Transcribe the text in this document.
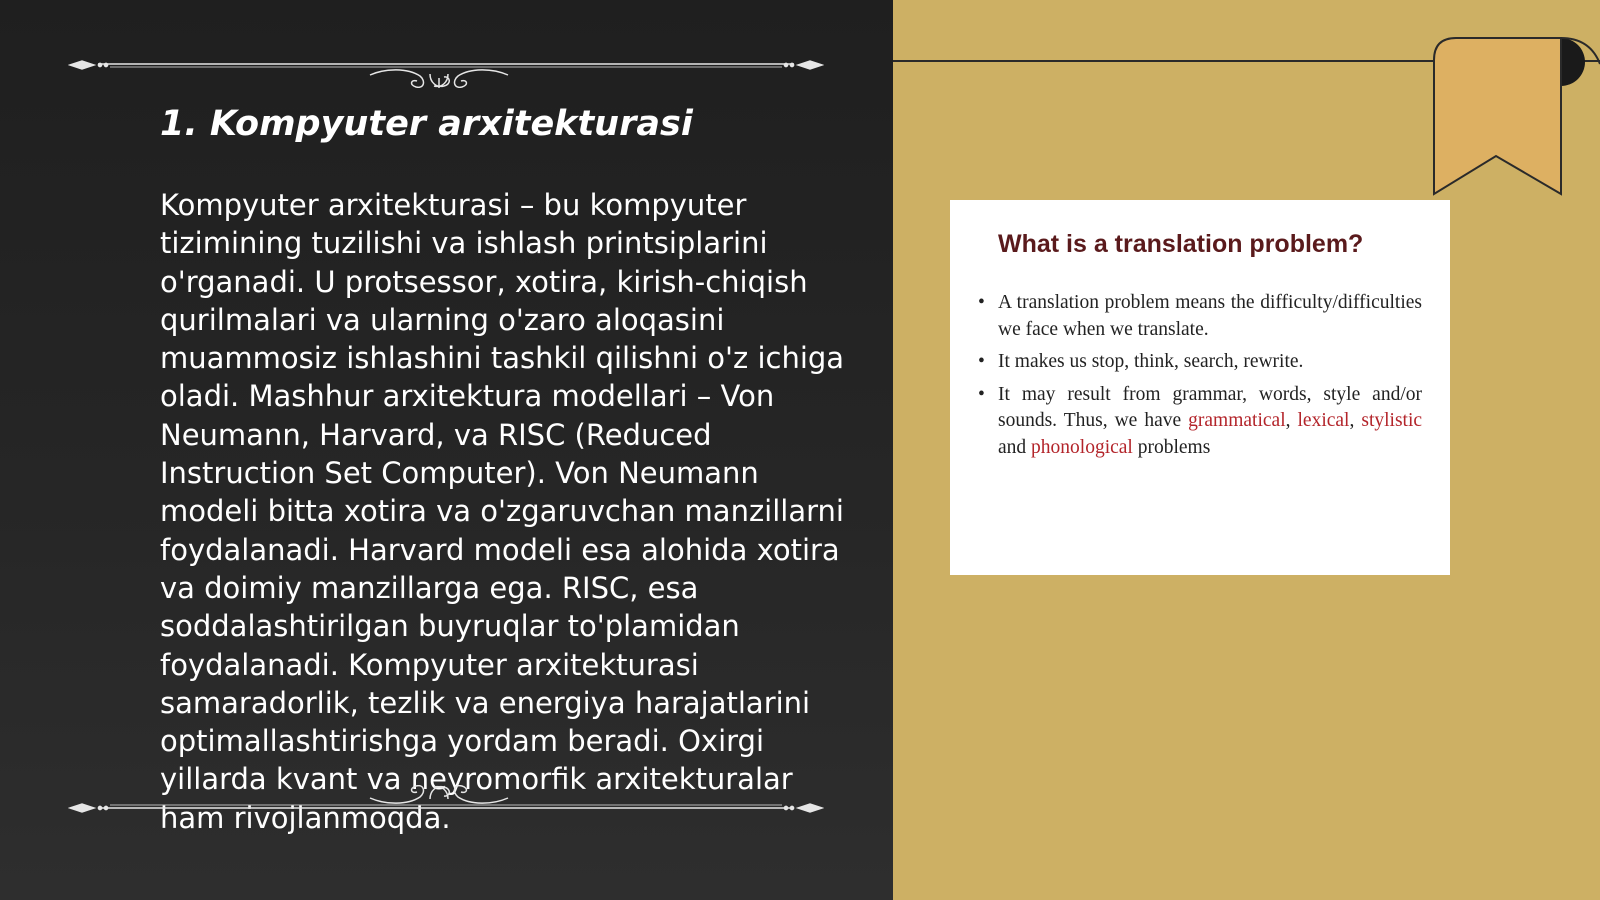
1. Kompyuter arxitekturasi

Kompyuter arxitekturasi – bu kompyuter tizimining tuzilishi va ishlash printsiplarini o'rganadi. U protsessor, xotira, kirish-chiqish qurilmalari va ularning o'zaro aloqasini muammosiz ishlashini tashkil qilishni o'z ichiga oladi. Mashhur arxitektura modellari – Von Neumann, Harvard, va RISC (Reduced Instruction Set Computer). Von Neumann modeli bitta xotira va o'zgaruvchan manzillarni foydalanadi. Harvard modeli esa alohida xotira va doimiy manzillarga ega. RISC, esa soddalashtirilgan buyruqlar to'plamidan foydalanadi. Kompyuter arxitekturasi samaradorlik, tezlik va energiya harajatlarini optimallashtirishga yordam beradi. Oxirgi yillarda kvant va neyromorfik arxitekturalar ham rivojlanmoqda.

What is a translation problem?
• A translation problem means the difficulty/difficulties we face when we translate.
• It makes us stop, think, search, rewrite.
• It may result from grammar, words, style and/or sounds. Thus, we have grammatical, lexical, stylistic and phonological problems
